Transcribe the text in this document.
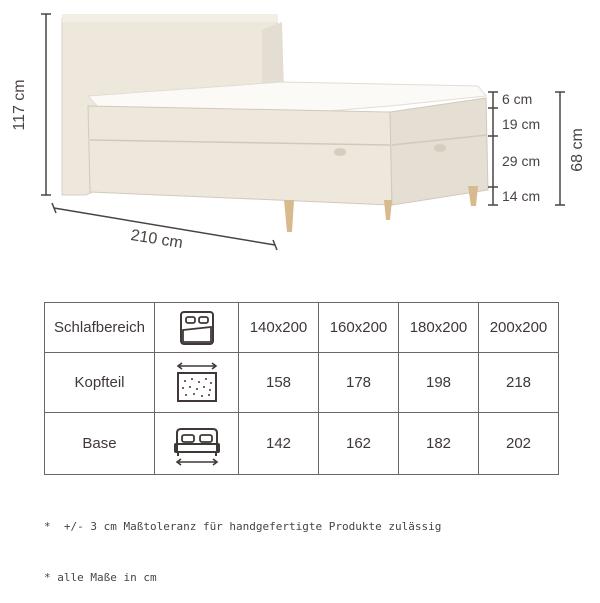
117 cm
210 cm
6 cm
19 cm
29 cm
14 cm
68 cm
Schlafbereich		140x200	160x200	180x200	200x200
Kopfteil		158	178	198	218
Base		142	162	182	202

*  +/- 3 cm Maßtoleranz für handgefertigte Produkte zulässig

* alle Maße in cm
